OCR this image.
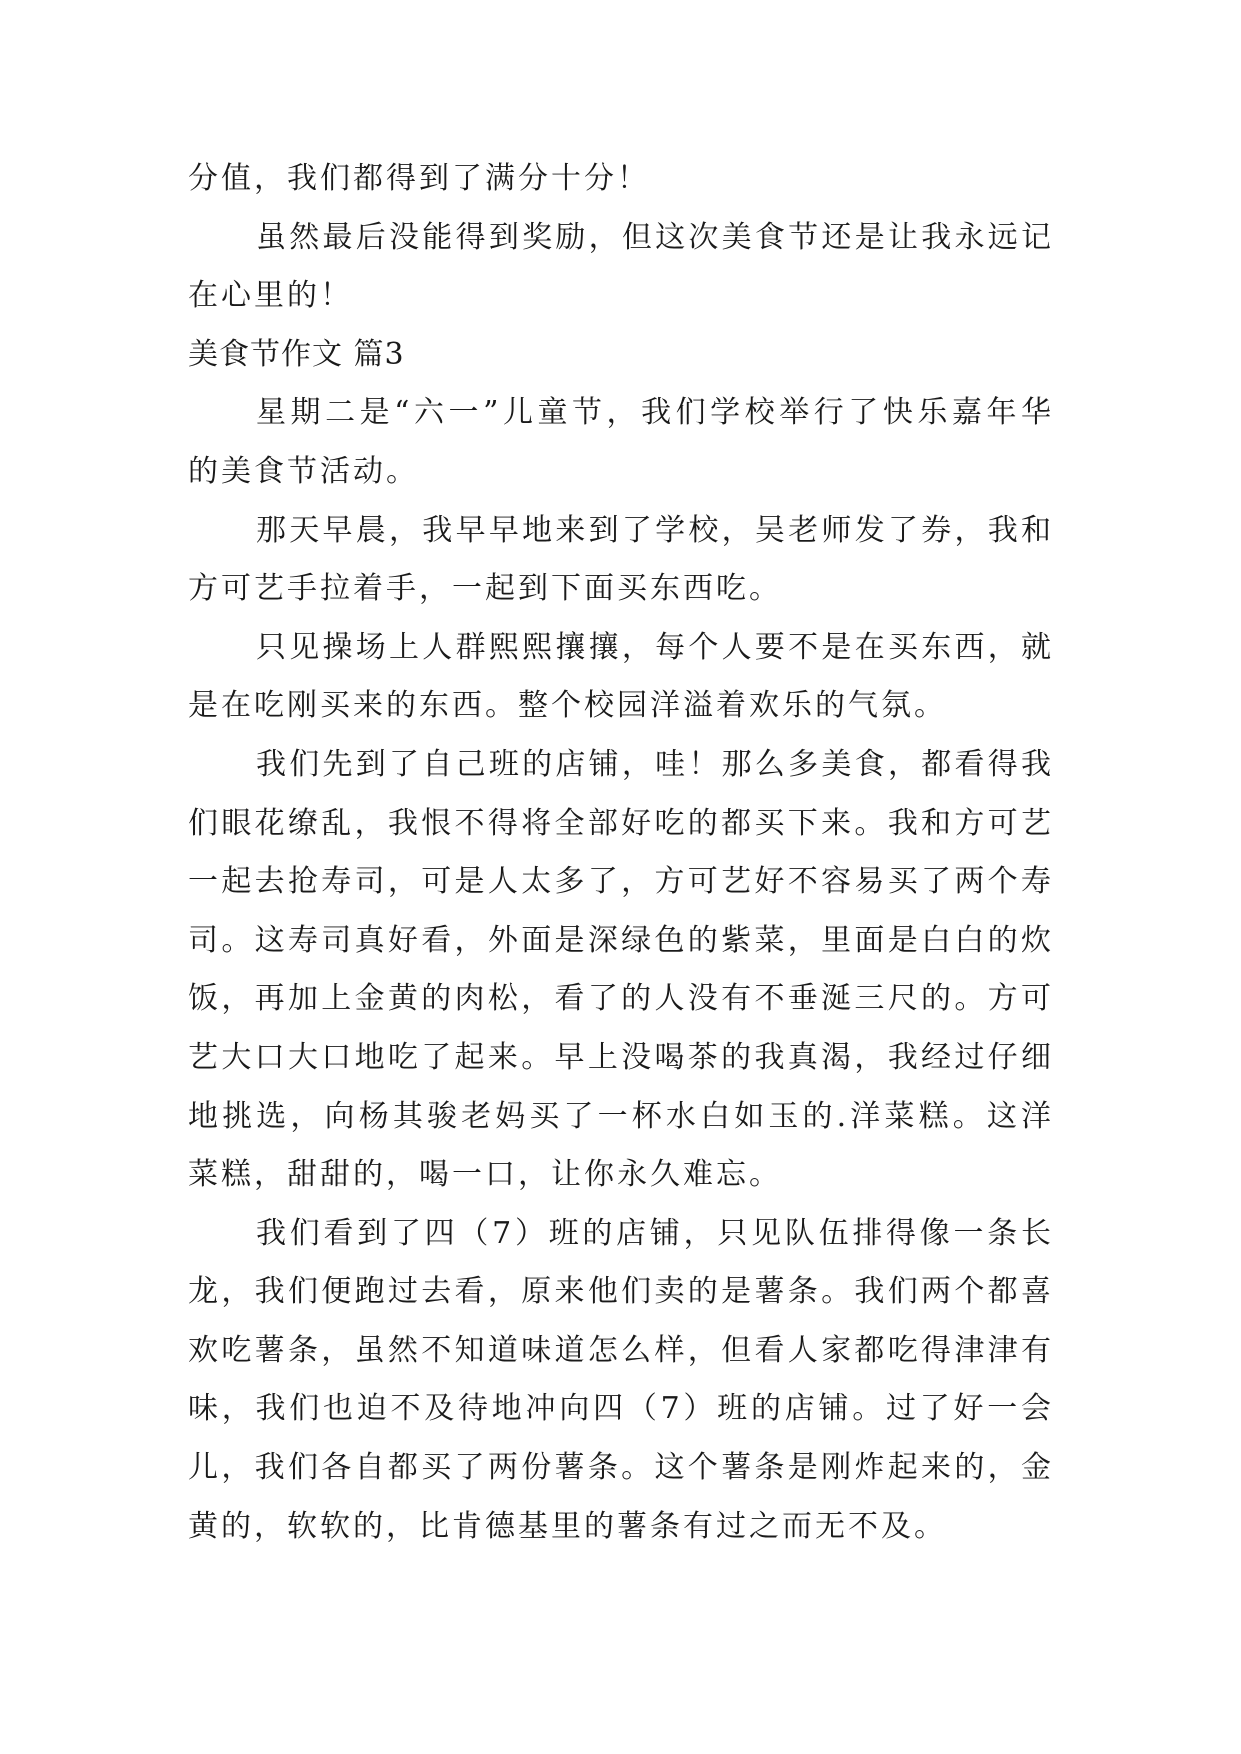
分值，我们都得到了满分十分！
虽然最后没能得到奖励，但这次美食节还是让我永远记
在心里的！
美食节作文 篇3
星期二是“六一”儿童节，我们学校举行了快乐嘉年华
的美食节活动。
那天早晨，我早早地来到了学校，吴老师发了券，我和
方可艺手拉着手，一起到下面买东西吃。
只见操场上人群熙熙攘攘，每个人要不是在买东西，就
是在吃刚买来的东西。整个校园洋溢着欢乐的气氛。
我们先到了自己班的店铺，哇！那么多美食，都看得我
们眼花缭乱，我恨不得将全部好吃的都买下来。我和方可艺
一起去抢寿司，可是人太多了，方可艺好不容易买了两个寿
司。这寿司真好看，外面是深绿色的紫菜，里面是白白的炊
饭，再加上金黄的肉松，看了的人没有不垂涎三尺的。方可
艺大口大口地吃了起来。早上没喝茶的我真渴，我经过仔细
地挑选，向杨其骏老妈买了一杯水白如玉的.洋菜糕。这洋
菜糕，甜甜的，喝一口，让你永久难忘。
我们看到了四（7）班的店铺，只见队伍排得像一条长
龙，我们便跑过去看，原来他们卖的是薯条。我们两个都喜
欢吃薯条，虽然不知道味道怎么样，但看人家都吃得津津有
味，我们也迫不及待地冲向四（7）班的店铺。过了好一会
儿，我们各自都买了两份薯条。这个薯条是刚炸起来的，金
黄的，软软的，比肯德基里的薯条有过之而无不及。
